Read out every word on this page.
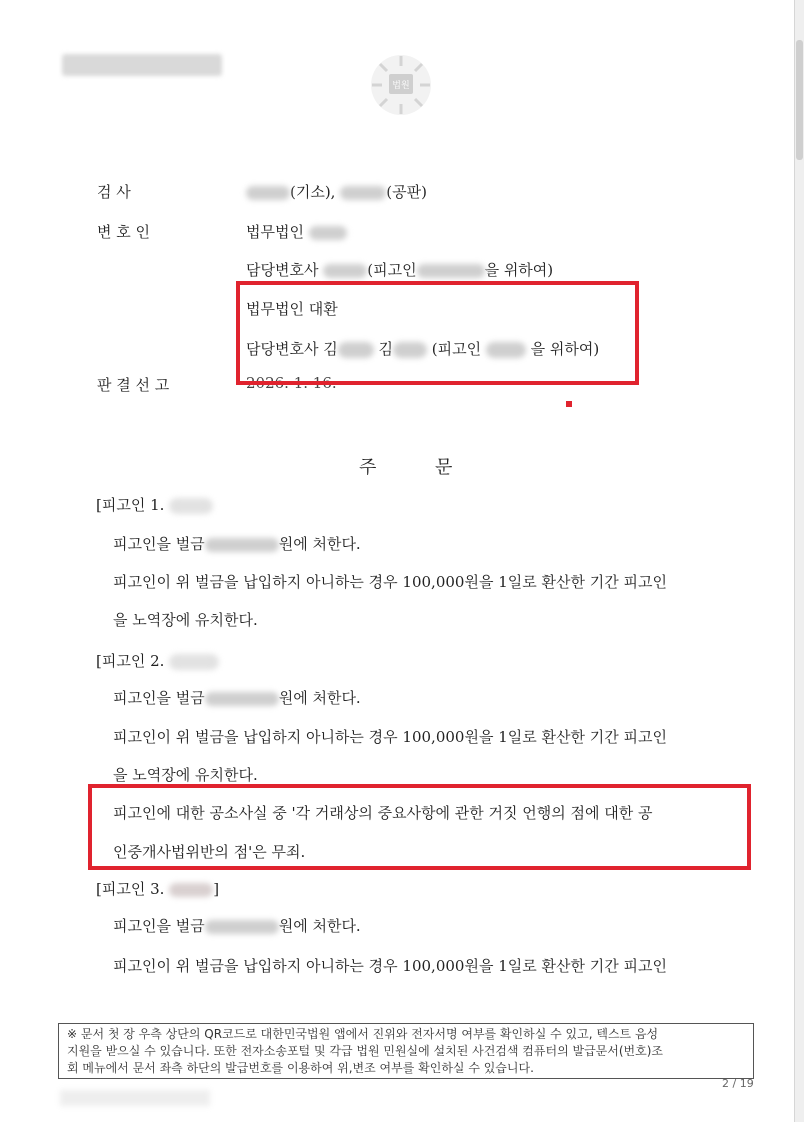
법원
검 사	(기소),	(공판)
변 호 인	법무법인
담당변호사	(피고인	을 위하여)
법무법인 대환
담당변호사 김	김	(피고인	을 위하여)
판 결 선 고	2026. 1. 16.
주	문
[피고인 1.
피고인을 벌금	원에 처한다.
피고인이 위 벌금을 납입하지 아니하는 경우 100,000원을 1일로 환산한 기간 피고인
을 노역장에 유치한다.
[피고인 2.
피고인을 벌금	원에 처한다.
피고인이 위 벌금을 납입하지 아니하는 경우 100,000원을 1일로 환산한 기간 피고인
을 노역장에 유치한다.
피고인에 대한 공소사실 중 '각 거래상의 중요사항에 관한 거짓 언행의 점에 대한 공
인중개사법위반의 점'은 무죄.
[피고인 3.	]
피고인을 벌금	원에 처한다.
피고인이 위 벌금을 납입하지 아니하는 경우 100,000원을 1일로 환산한 기간 피고인
※ 문서 첫 장 우측 상단의 QR코드로 대한민국법원 앱에서 진위와 전자서명 여부를 확인하실 수 있고, 텍스트 음성
지원을 받으실 수 있습니다. 또한 전자소송포털 및 각급 법원 민원실에 설치된 사건검색 컴퓨터의 발급문서(번호)조
회 메뉴에서 문서 좌측 하단의 발급번호를 이용하여 위,변조 여부를 확인하실 수 있습니다.
2 / 19
